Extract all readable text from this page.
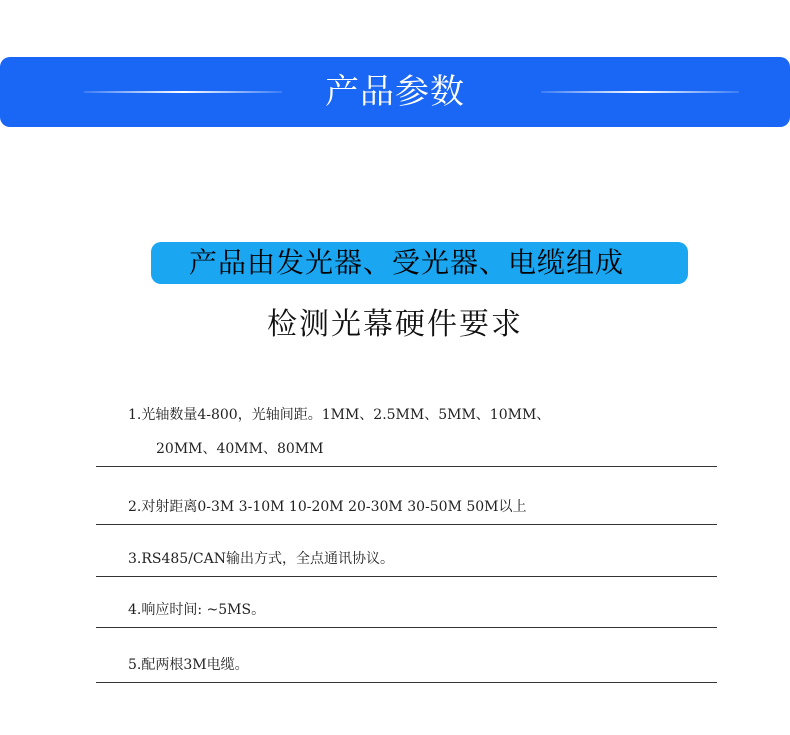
产品参数
产品由发光器、受光器、电缆组成
检测光幕硬件要求
1.光轴数量4-800，光轴间距。1MM、2.5MM、5MM、10MM、
20MM、40MM、80MM
2.对射距离0-3M 3-10M 10-20M 20-30M 30-50M 50M以上
3.RS485/CAN输出方式，全点通讯协议。
4.响应时间: ~5MS。
5.配两根3M电缆。
